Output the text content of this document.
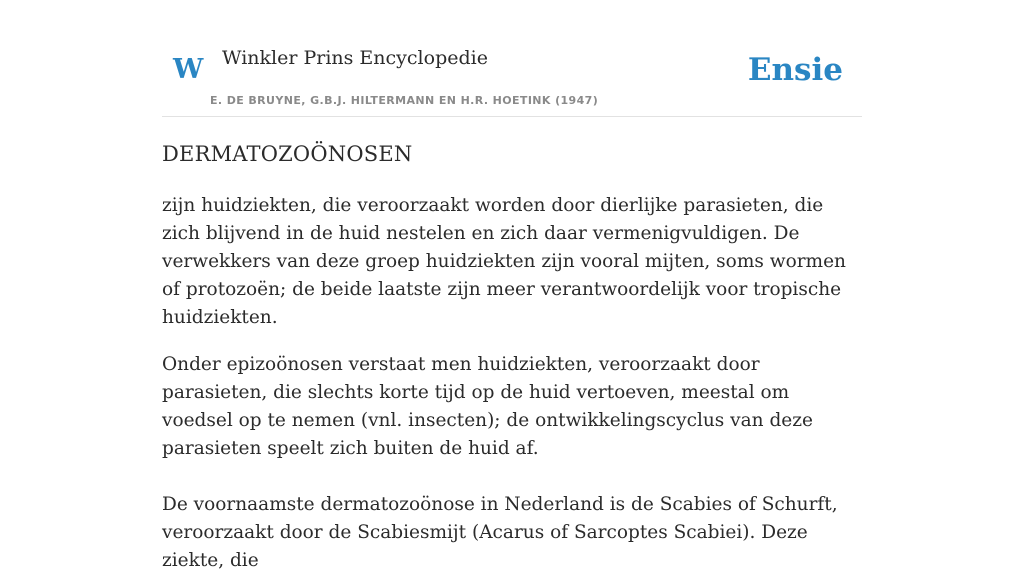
W Winkler Prins Encyclopedie
E. DE BRUYNE, G.B.J. HILTERMANN EN H.R. HOETINK (1947)
Ensie
DERMATOZOÖNOSEN

zijn huidziekten, die veroorzaakt worden door dierlijke parasieten, die zich blijvend in de huid nestelen en zich daar vermenigvuldigen. De verwekkers van deze groep huidziekten zijn vooral mijten, soms wormen of protozoën; de beide laatste zijn meer verantwoordelijk voor tropische huidziekten.

Onder epizoönosen verstaat men huidziekten, veroorzaakt door parasieten, die slechts korte tijd op de huid vertoeven, meestal om voedsel op te nemen (vnl. insecten); de ontwikkelingscyclus van deze parasieten speelt zich buiten de huid af.

De voornaamste dermatozoönose in Nederland is de Scabies of Schurft, veroorzaakt door de Scabiesmijt (Acarus of Sarcoptes Scabiei). Deze ziekte, die
